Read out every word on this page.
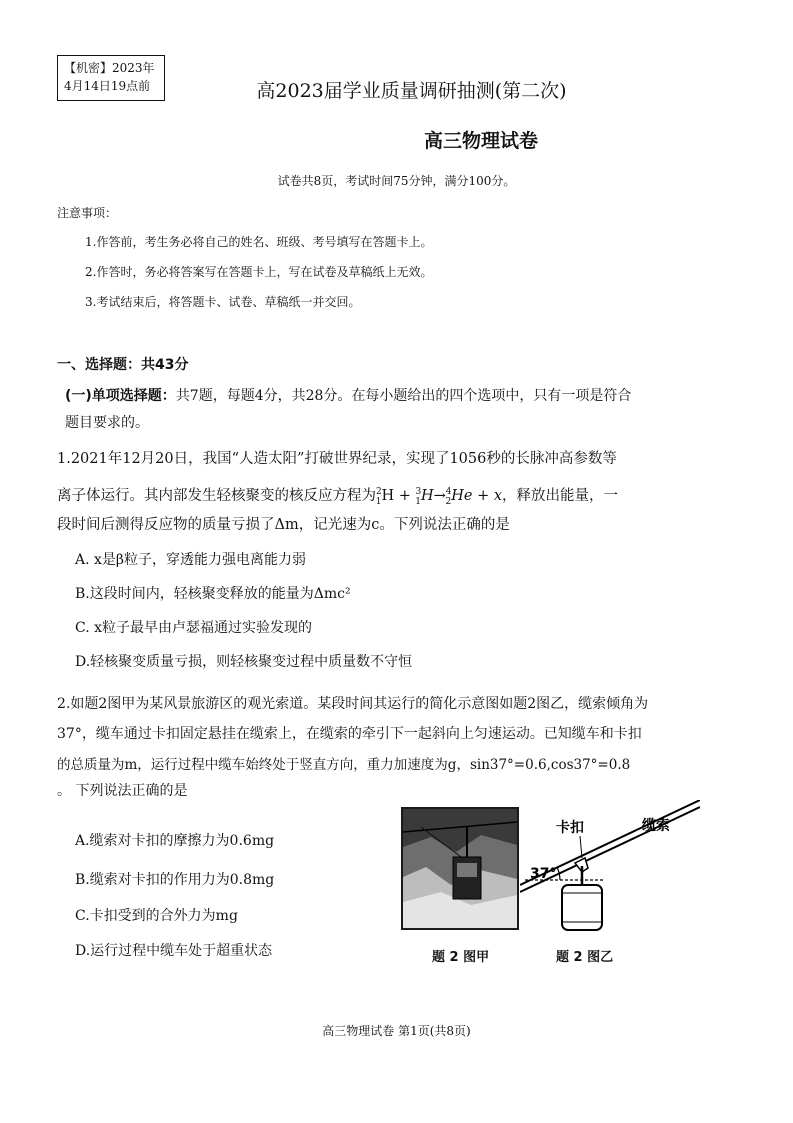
【机密】2023年
4月14日19点前	高2023届学业质量调研抽测(第二次)
高三物理试卷
试卷共8页，考试时间75分钟，满分100分。
注意事项：
1.作答前，考生务必将自己的姓名、班级、考号填写在答题卡上。
2.作答时，务必将答案写在答题卡上，写在试卷及草稿纸上无效。
3.考试结束后，将答题卡、试卷、草稿纸一并交回。
一、选择题：共43分
(一)单项选择题：共7题，每题4分，共28分。在每小题给出的四个选项中，只有一项是符合
题目要求的。
1.2021年12月20日，我国“人造太阳”打破世界纪录，实现了1056秒的长脉冲高参数等
离子体运行。其内部发生轻核聚变的核反应方程为$^2_1$H + $^3_1$H→$^4_2$He + x，释放出能量，一
段时间后测得反应物的质量亏损了Δm，记光速为c。下列说法正确的是
A. x是β粒子，穿透能力强电离能力弱
B.这段时间内，轻核聚变释放的能量为Δmc²
C. x粒子最早由卢瑟福通过实验发现的
D.轻核聚变质量亏损，则轻核聚变过程中质量数不守恒
2.如题2图甲为某风景旅游区的观光索道。某段时间其运行的简化示意图如题2图乙，缆索倾角为
37°，缆车通过卡扣固定悬挂在缆索上，在缆索的牵引下一起斜向上匀速运动。已知缆车和卡扣
的总质量为m，运行过程中缆车始终处于竖直方向，重力加速度为g，sin37°=0.6,cos37°=0.8
。 下列说法正确的是
A.缆索对卡扣的摩擦力为0.6mg
B.缆索对卡扣的作用力为0.8mg
C.卡扣受到的合外力为mg
D.运行过程中缆车处于超重状态	题 2 图甲
卡扣	缆索
37°
题 2 图乙
高三物理试卷 第1页(共8页)
